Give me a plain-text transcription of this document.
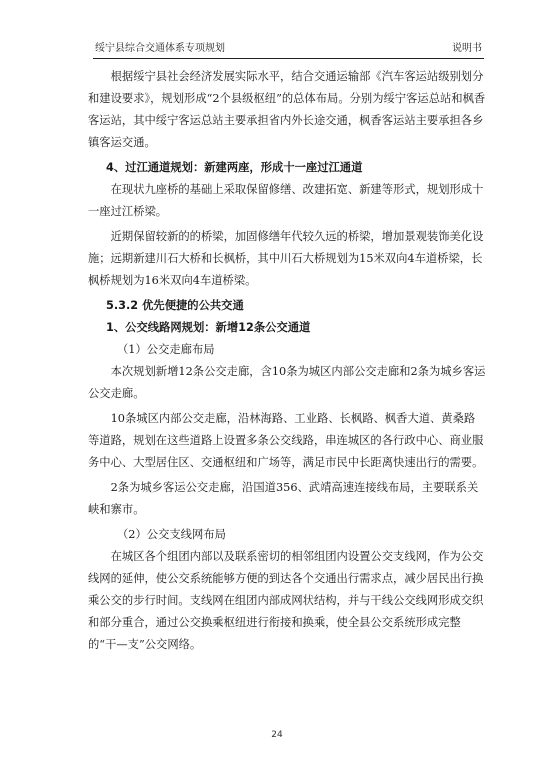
绥宁县综合交通体系专项规划	说明书

根据绥宁县社会经济发展实际水平，结合交通运输部《汽车客运站级别划分和建设要求》，规划形成“2个县级枢纽”的总体布局。分别为绥宁客运总站和枫香客运站，其中绥宁客运总站主要承担省内外长途交通，枫香客运站主要承担各乡镇客运交通。

4、过江通道规划：新建两座，形成十一座过江通道

在现状九座桥的基础上采取保留修缮、改建拓宽、新建等形式，规划形成十一座过江桥梁。

近期保留较新的的桥梁，加固修缮年代较久远的桥梁，增加景观装饰美化设施；远期新建川石大桥和长枫桥，其中川石大桥规划为15米双向4车道桥梁，长枫桥规划为16米双向4车道桥梁。

5.3.2 优先便捷的公共交通

1、公交线路网规划：新增12条公交通道

（1）公交走廊布局

本次规划新增12条公交走廊，含10条为城区内部公交走廊和2条为城乡客运公交走廊。

10条城区内部公交走廊，沿林海路、工业路、长枫路、枫香大道、黄桑路等道路，规划在这些道路上设置多条公交线路，串连城区的各行政中心、商业服务中心、大型居住区、交通枢纽和广场等，满足市民中长距离快速出行的需要。

2条为城乡客运公交走廊，沿国道356、武靖高速连接线布局，主要联系关峡和寨市。

（2）公交支线网布局

在城区各个组团内部以及联系密切的相邻组团内设置公交支线网，作为公交线网的延伸，使公交系统能够方便的到达各个交通出行需求点，减少居民出行换乘公交的步行时间。支线网在组团内部成网状结构，并与干线公交线网形成交织和部分重合，通过公交换乘枢纽进行衔接和换乘，使全县公交系统形成完整的“干—支”公交网络。

24
